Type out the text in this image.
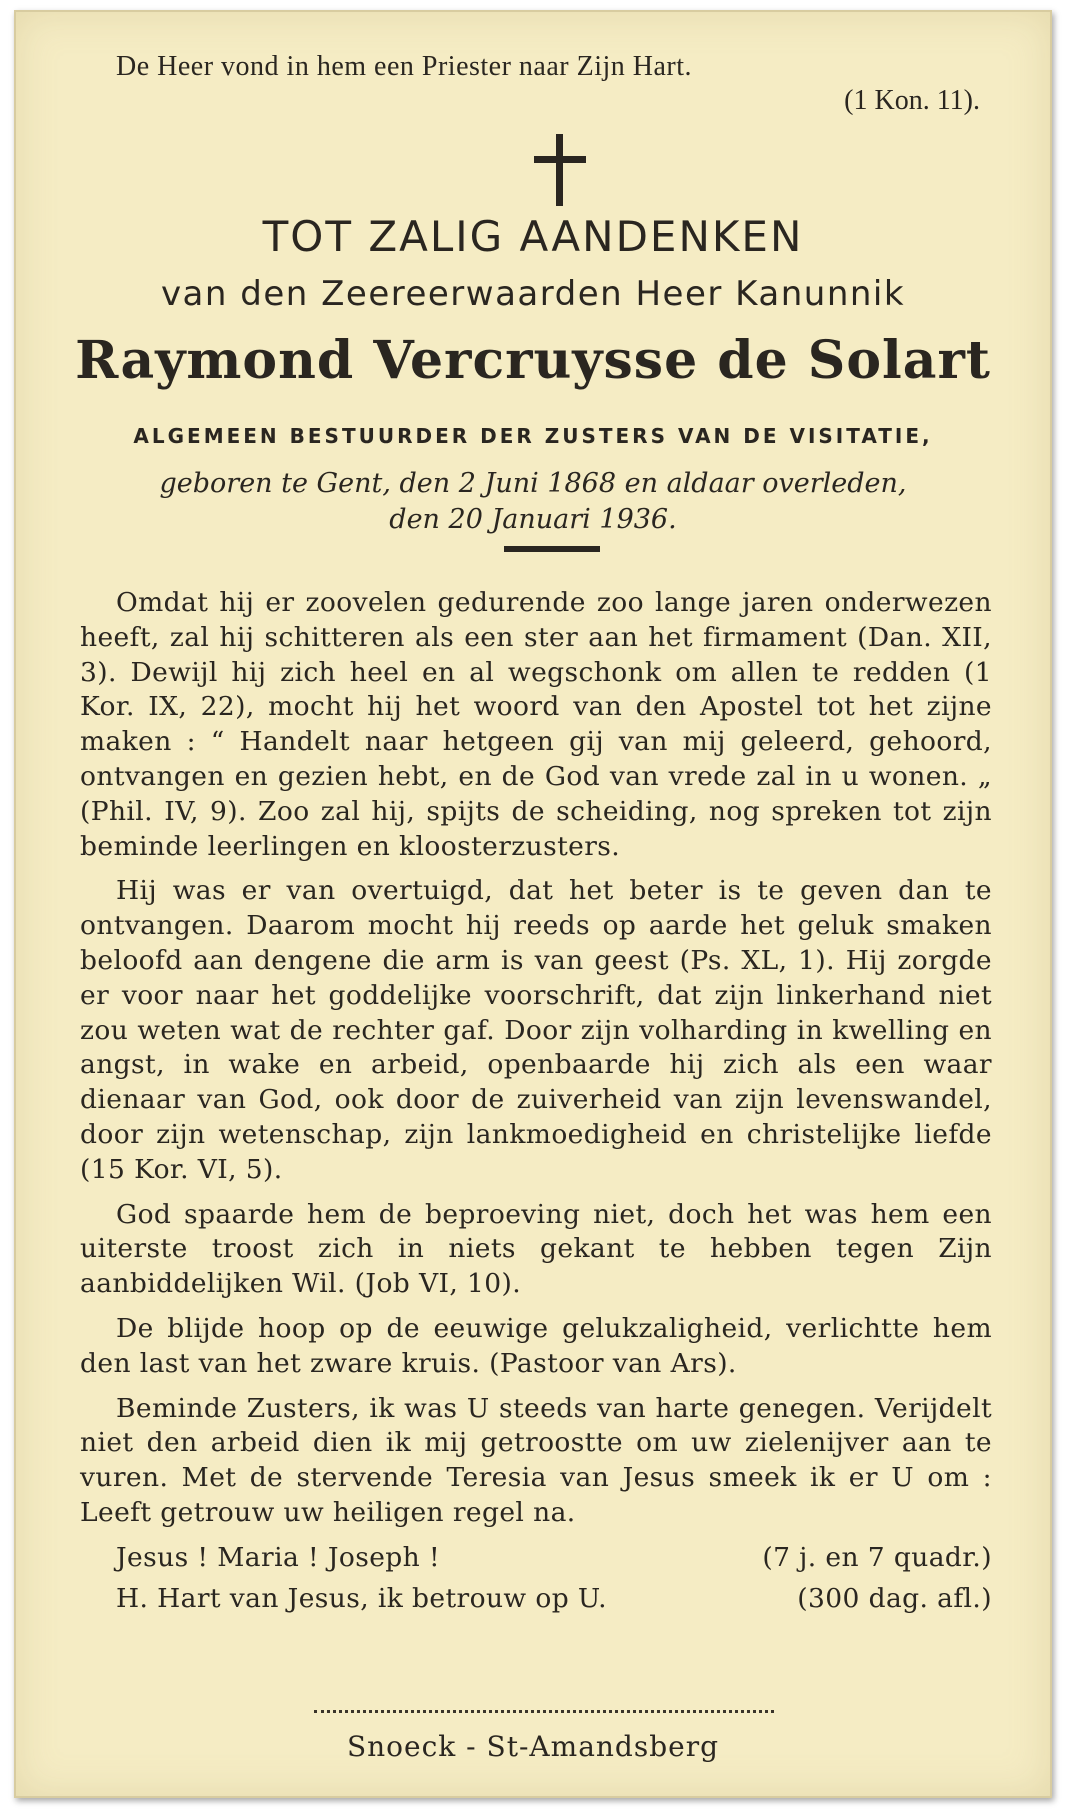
De Heer vond in hem een Priester naar Zijn Hart.
(1 Kon. 11).
TOT ZALIG AANDENKEN
van den Zeereerwaarden Heer Kanunnik
Raymond Vercruysse de Solart
ALGEMEEN BESTUURDER DER ZUSTERS VAN DE VISITATIE,
geboren te Gent, den 2 Juni 1868 en aldaar overleden,
den 20 Januari 1936.

Omdat hij er zoovelen gedurende zoo lange jaren onderwezen heeft, zal hij schitteren als een ster aan het firmament (Dan. XII, 3). Dewijl hij zich heel en al wegschonk om allen te redden (1 Kor. IX, 22), mocht hij het woord van den Apostel tot het zijne maken : “ Handelt naar hetgeen gij van mij geleerd, gehoord, ontvangen en gezien hebt, en de God van vrede zal in u wonen. „ (Phil. IV, 9). Zoo zal hij, spijts de scheiding, nog spreken tot zijn beminde leerlingen en kloosterzusters.

Hij was er van overtuigd, dat het beter is te geven dan te ontvangen. Daarom mocht hij reeds op aarde het geluk smaken beloofd aan dengene die arm is van geest (Ps. XL, 1). Hij zorgde er voor naar het goddelijke voorschrift, dat zijn linkerhand niet zou weten wat de rechter gaf. Door zijn volharding in kwelling en angst, in wake en arbeid, openbaarde hij zich als een waar dienaar van God, ook door de zuiverheid van zijn levenswandel, door zijn wetenschap, zijn lankmoedigheid en christelijke liefde (15 Kor. VI, 5).

God spaarde hem de beproeving niet, doch het was hem een uiterste troost zich in niets gekant te hebben tegen Zijn aanbiddelijken Wil. (Job VI, 10).

De blijde hoop op de eeuwige gelukzaligheid, verlichtte hem den last van het zware kruis. (Pastoor van Ars).

Beminde Zusters, ik was U steeds van harte genegen. Verijdelt niet den arbeid dien ik mij getroostte om uw zielenijver aan te vuren. Met de stervende Teresia van Jesus smeek ik er U om : Leeft getrouw uw heiligen regel na.

Jesus ! Maria ! Joseph !	(7 j. en 7 quadr.)
H. Hart van Jesus, ik betrouw op U.	(300 dag. afl.)
Snoeck - St-Amandsberg
